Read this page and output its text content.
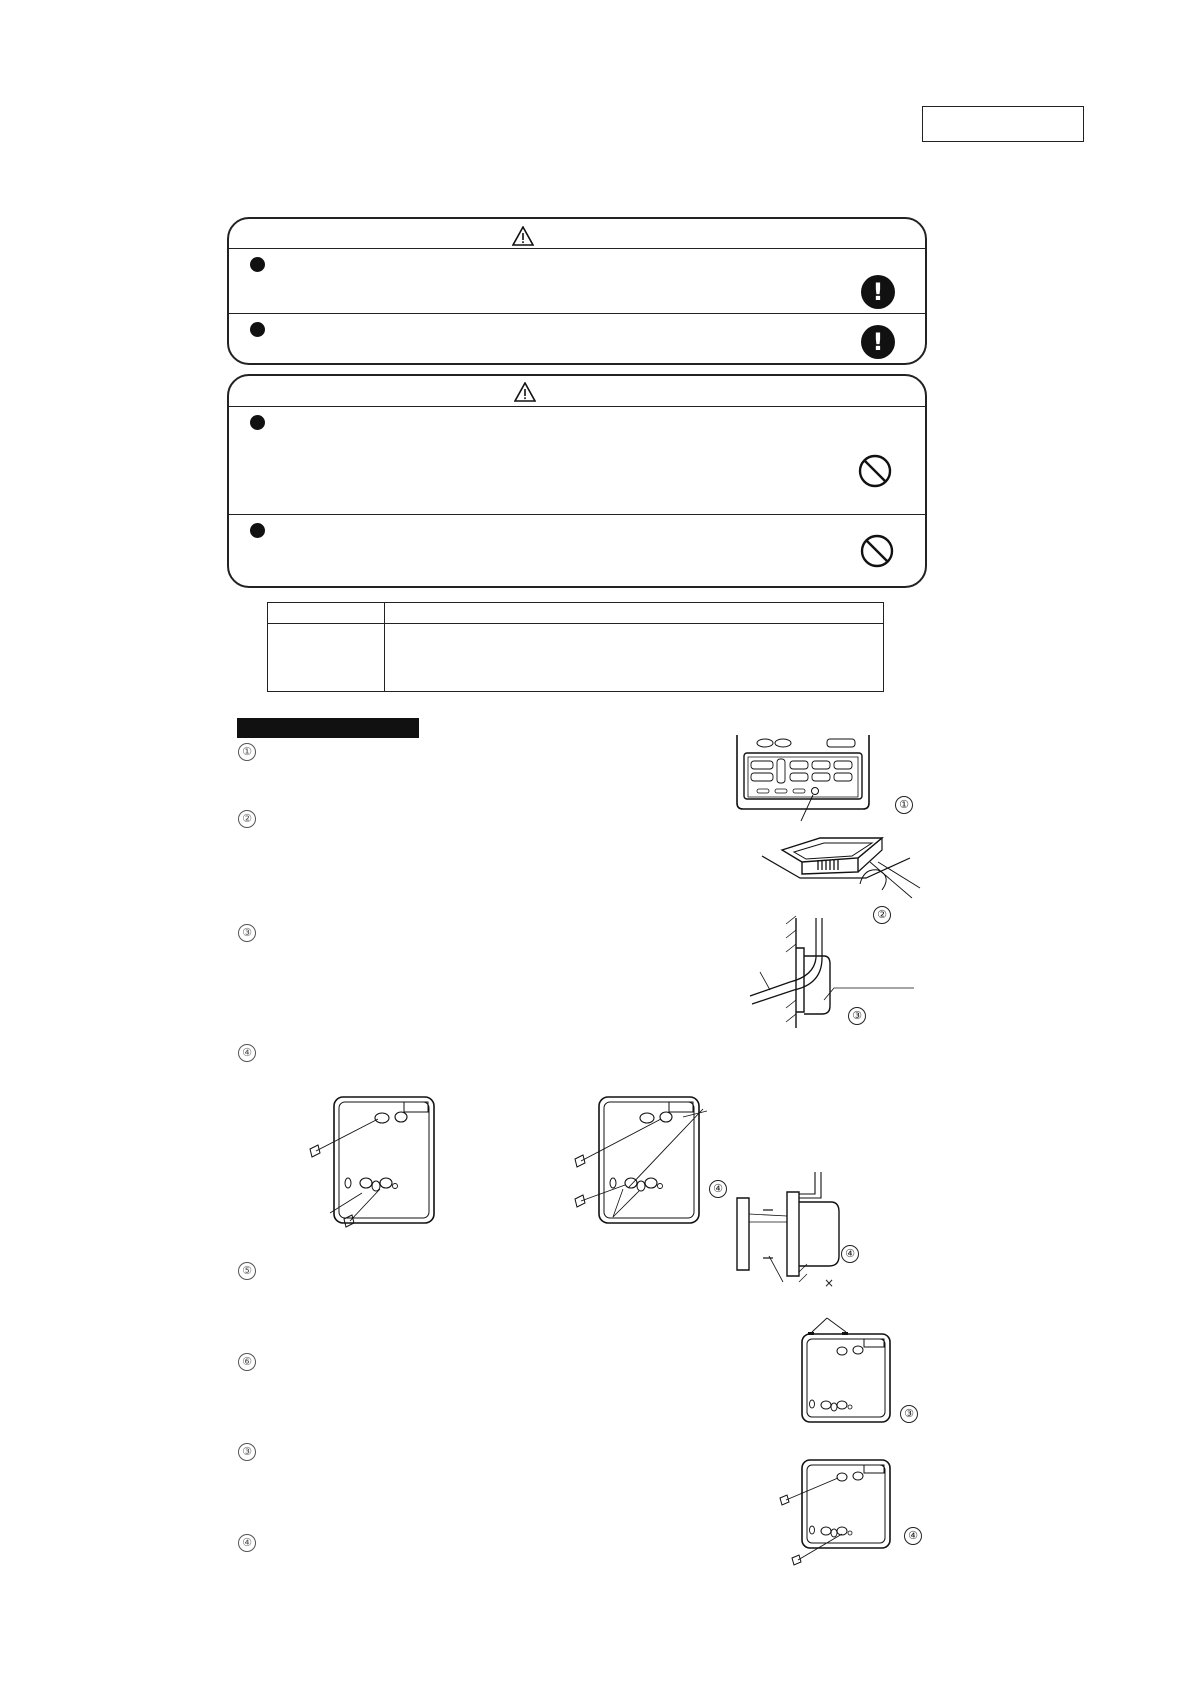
!
!
①
②
③
④
⑤
⑥
③
④
①
②
③
④
④
×
③
④
